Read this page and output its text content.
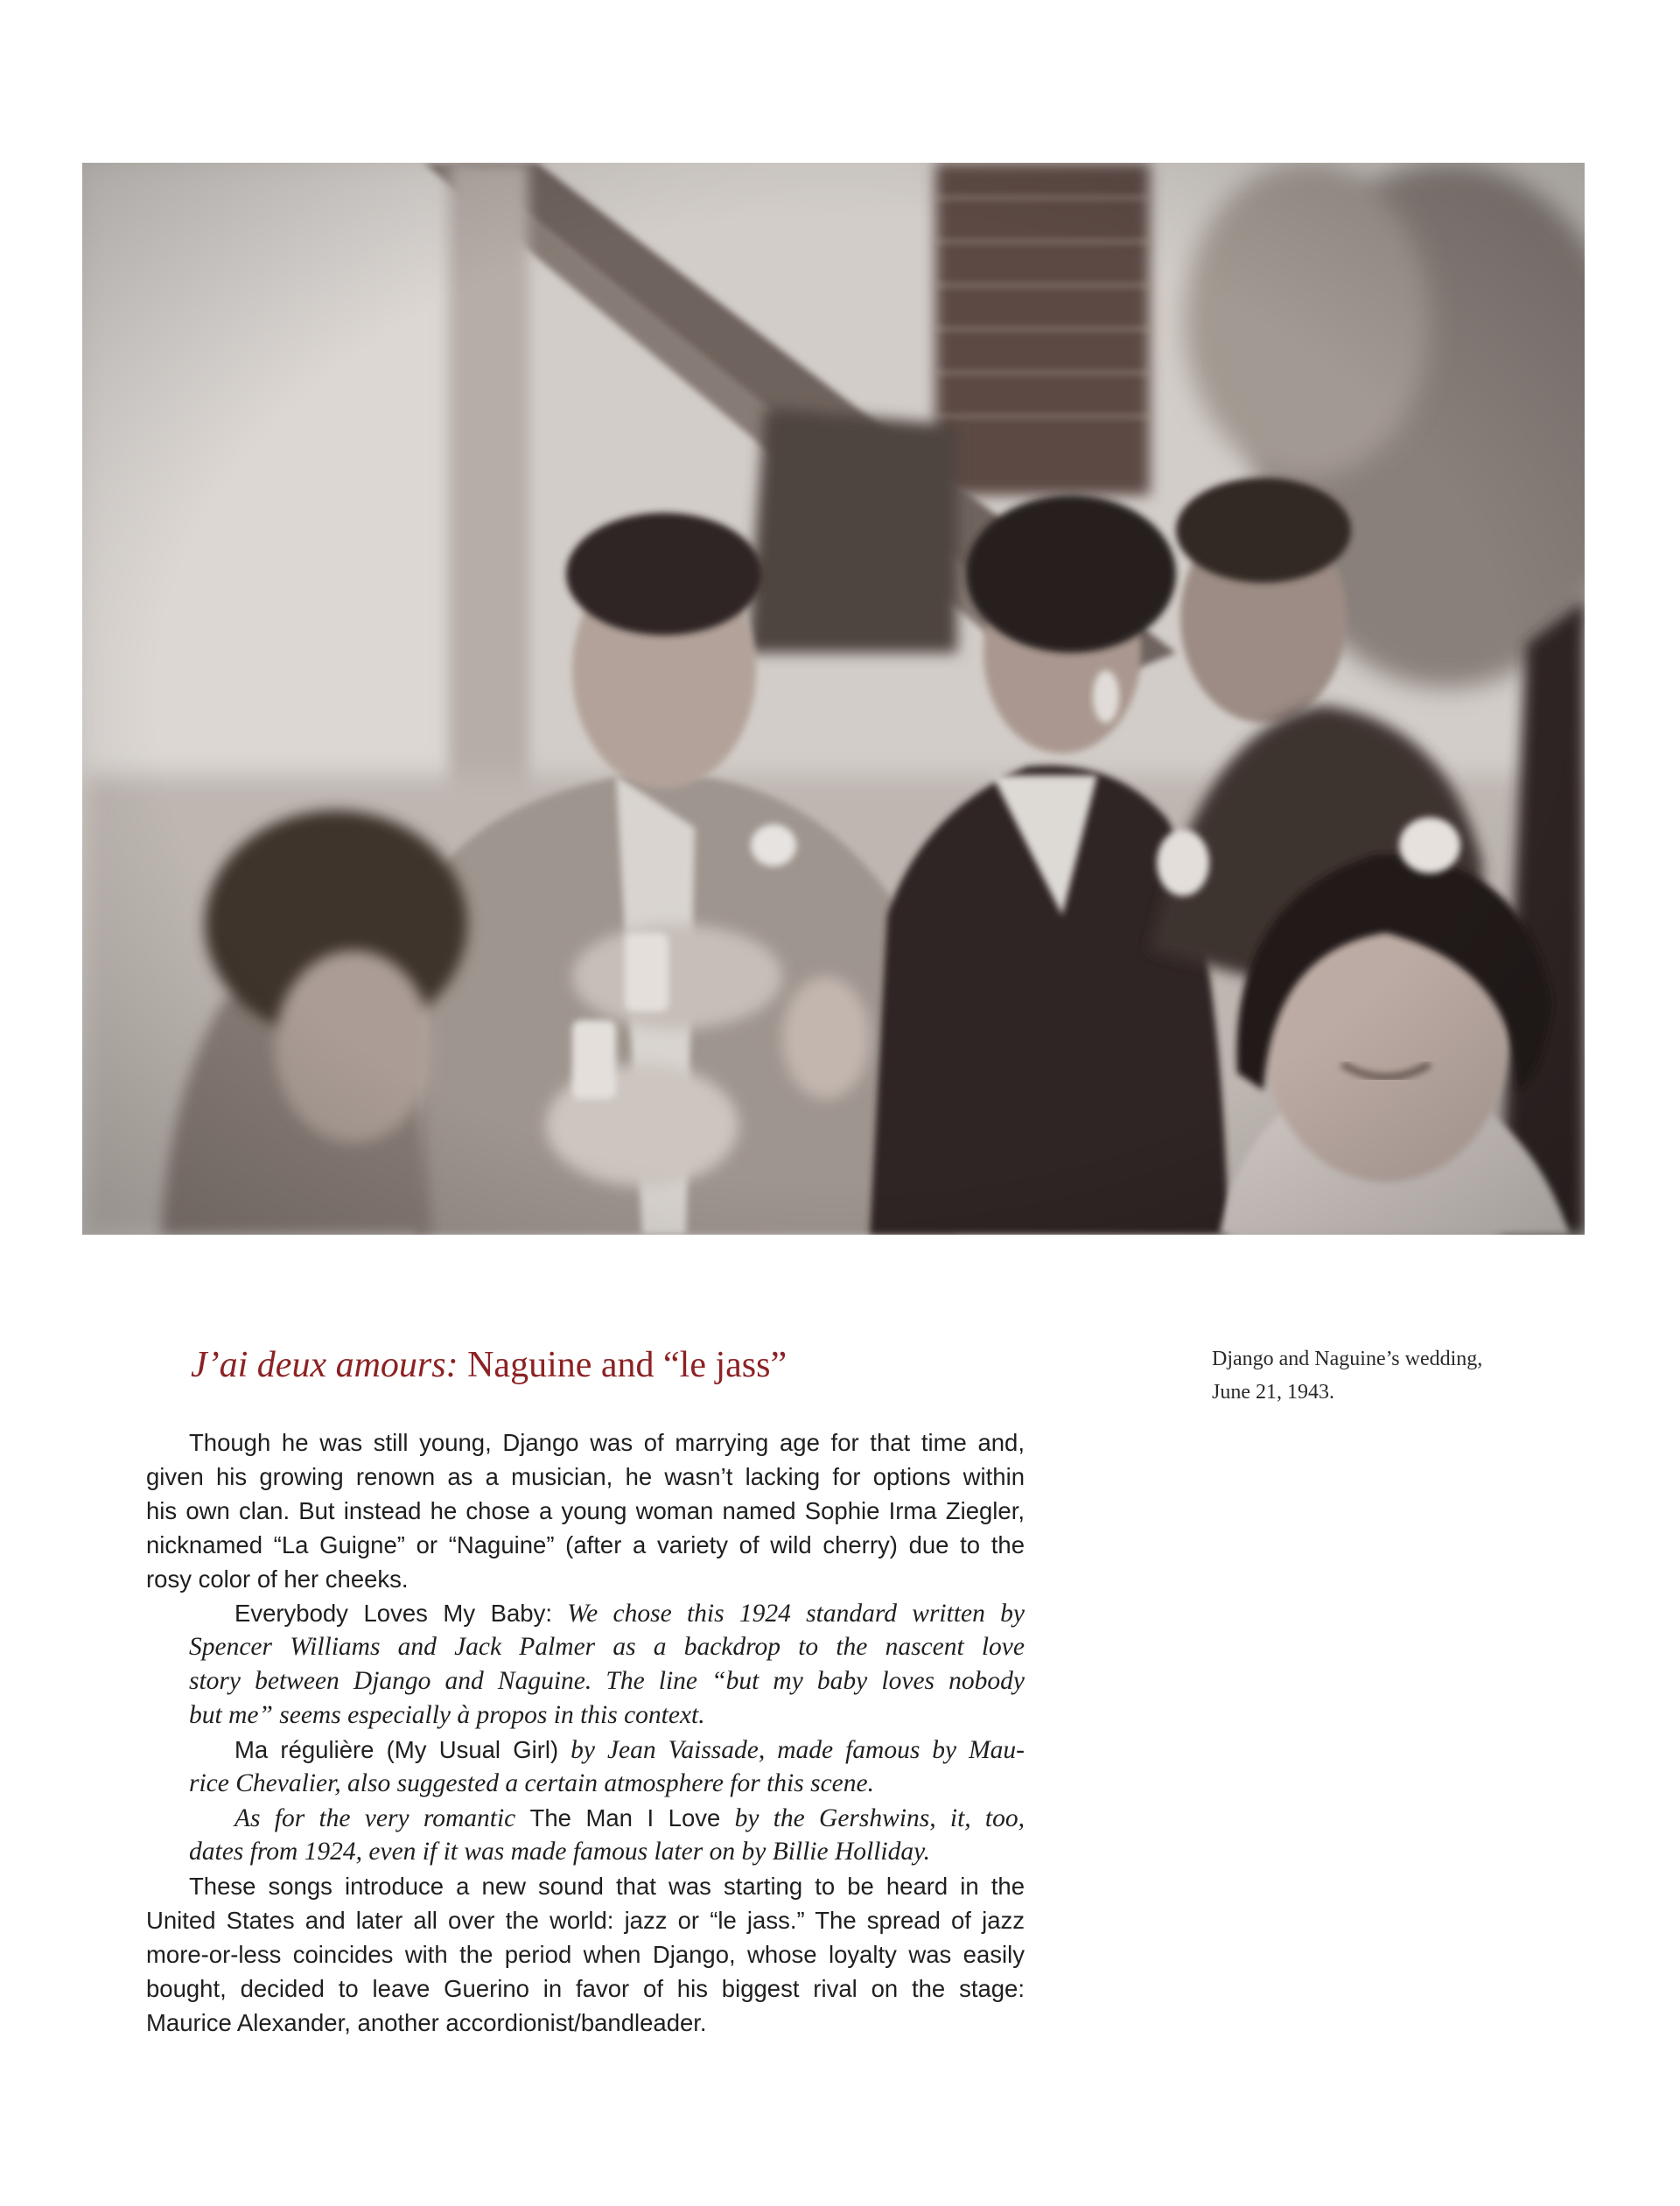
J’ai deux amours: Naguine and “le jass”	Django and Naguine’s wedding,
June 21, 1943.
Though he was still young, Django was of marrying age for that time and,
given his growing renown as a musician, he wasn’t lacking for options within
his own clan. But instead he chose a young woman named Sophie Irma Ziegler,
nicknamed “La Guigne” or “Naguine” (after a variety of wild cherry) due to the
rosy color of her cheeks.
Everybody Loves My Baby: We chose this 1924 standard written by
Spencer Williams and Jack Palmer as a backdrop to the nascent love
story between Django and Naguine. The line “but my baby loves nobody
but me” seems especially à propos in this context.
Ma régulière (My Usual Girl) by Jean Vaissade, made famous by Mau-
rice Chevalier, also suggested a certain atmosphere for this scene.
As for the very romantic The Man I Love by the Gershwins, it, too,
dates from 1924, even if it was made famous later on by Billie Holliday.
These songs introduce a new sound that was starting to be heard in the
United States and later all over the world: jazz or “le jass.” The spread of jazz
more-or-less coincides with the period when Django, whose loyalty was easily
bought, decided to leave Guerino in favor of his biggest rival on the stage:
Maurice Alexander, another accordionist/bandleader.
